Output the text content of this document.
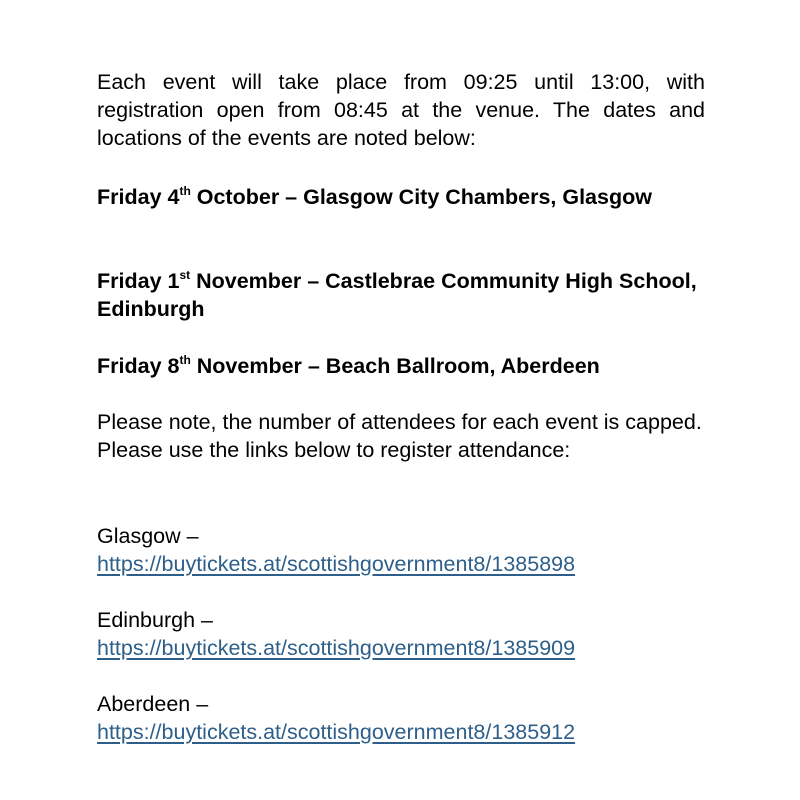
Each event will take place from 09:25 until 13:00, with registration open from 08:45 at the venue. The dates and locations of the events are noted below:

Friday 4th October – Glasgow City Chambers, Glasgow

Friday 1st November – Castlebrae Community High School, Edinburgh

Friday 8th November – Beach Ballroom, Aberdeen

Please note, the number of attendees for each event is capped. Please use the links below to register attendance:

Glasgow –
https://buytickets.at/scottishgovernment8/1385898
Edinburgh –
https://buytickets.at/scottishgovernment8/1385909
Aberdeen –
https://buytickets.at/scottishgovernment8/1385912
